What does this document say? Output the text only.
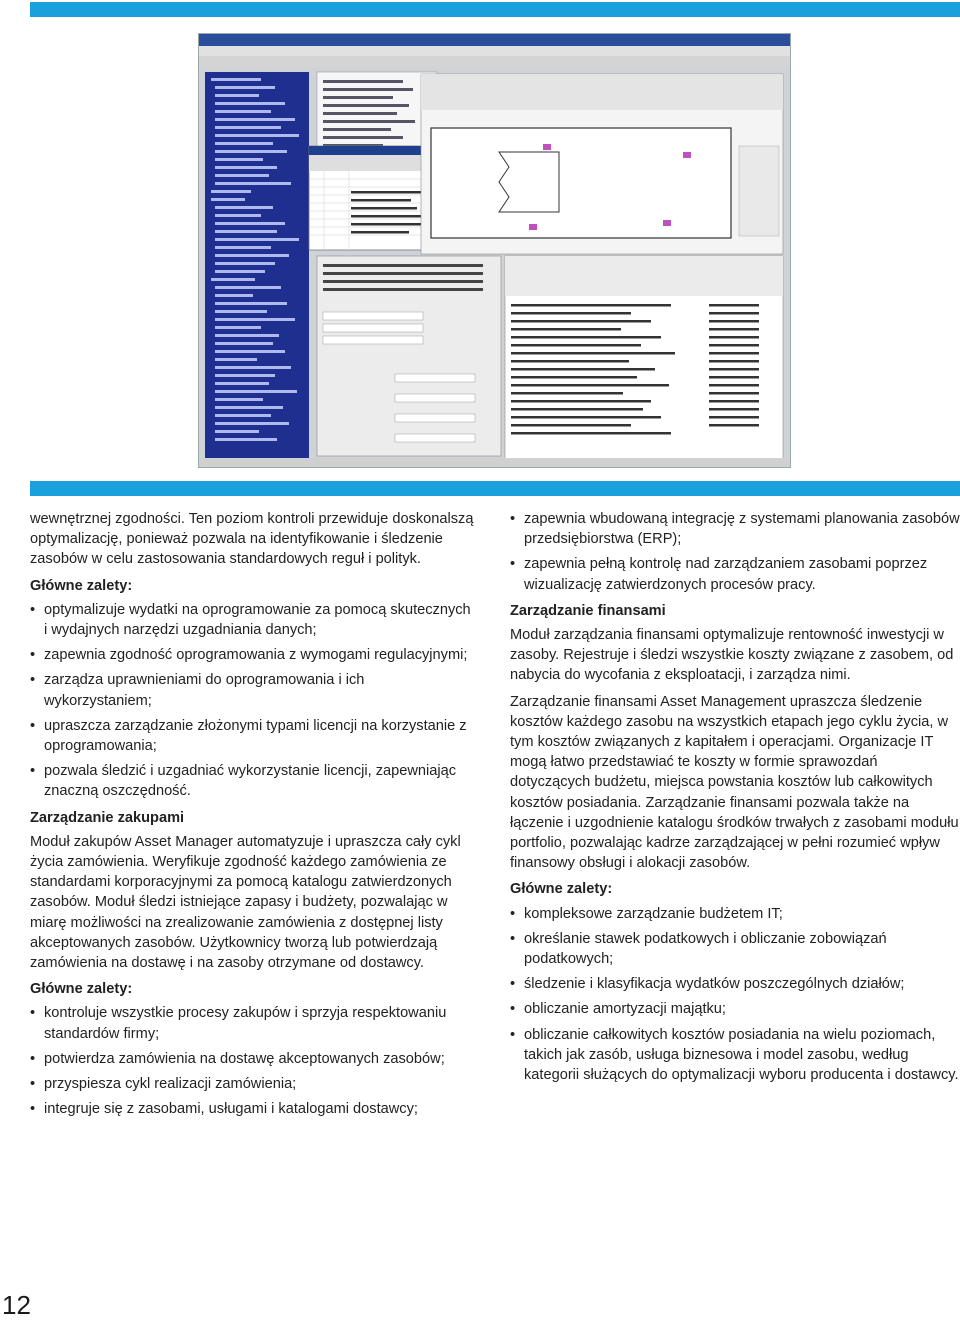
wewnętrznej zgodności. Ten poziom kontroli przewiduje doskonalszą optymalizację, ponieważ pozwala na identyfikowanie i śledzenie zasobów w celu zastosowania standardowych reguł i polityk.

Główne zalety:
• optymalizuje wydatki na oprogramowanie za pomocą skutecznych i wydajnych narzędzi uzgadniania danych;
• zapewnia zgodność oprogramowania z wymogami regulacyjnymi;
• zarządza uprawnieniami do oprogramowania i ich wykorzystaniem;
• upraszcza zarządzanie złożonymi typami licencji na korzystanie z oprogramowania;
• pozwala śledzić i uzgadniać wykorzystanie licencji, zapewniając znaczną oszczędność.
Zarządzanie zakupami

Moduł zakupów Asset Manager automatyzuje i upraszcza cały cykl życia zamówienia. Weryfikuje zgodność każdego zamówienia ze standardami korporacyjnymi za pomocą katalogu zatwierdzonych zasobów. Moduł śledzi istniejące zapasy i budżety, pozwalając w miarę możliwości na zrealizowanie zamówienia z dostępnej listy akceptowanych zasobów. Użytkownicy tworzą lub potwierdzają zamówienia na dostawę i na zasoby otrzymane od dostawcy.

Główne zalety:
• kontroluje wszystkie procesy zakupów i sprzyja respektowaniu standardów firmy;
• potwierdza zamówienia na dostawę akceptowanych zasobów;
• przyspiesza cykl realizacji zamówienia;
• integruje się z zasobami, usługami i katalogami dostawcy;
• zapewnia wbudowaną integrację z systemami planowania zasobów przedsiębiorstwa (ERP);
• zapewnia pełną kontrolę nad zarządzaniem zasobami poprzez wizualizację zatwierdzonych procesów pracy.
Zarządzanie finansami

Moduł zarządzania finansami optymalizuje rentowność inwestycji w zasoby. Rejestruje i śledzi wszystkie koszty związane z zasobem, od nabycia do wycofania z eksploatacji, i zarządza nimi.

Zarządzanie finansami Asset Management upraszcza śledzenie kosztów każdego zasobu na wszystkich etapach jego cyklu życia, w tym kosztów związanych z kapitałem i operacjami. Organizacje IT mogą łatwo przedstawiać te koszty w formie sprawozdań dotyczących budżetu, miejsca powstania kosztów lub całkowitych kosztów posiadania. Zarządzanie finansami pozwala także na łączenie i uzgodnienie katalogu środków trwałych z zasobami modułu portfolio, pozwalając kadrze zarządzającej w pełni rozumieć wpływ finansowy obsługi i alokacji zasobów.

Główne zalety:
• kompleksowe zarządzanie budżetem IT;
• określanie stawek podatkowych i obliczanie zobowiązań podatkowych;
• śledzenie i klasyfikacja wydatków poszczególnych działów;
• obliczanie amortyzacji majątku;
• obliczanie całkowitych kosztów posiadania na wielu poziomach, takich jak zasób, usługa biznesowa i model zasobu, według kategorii służących do optymalizacji wyboru producenta i dostawcy.
12
